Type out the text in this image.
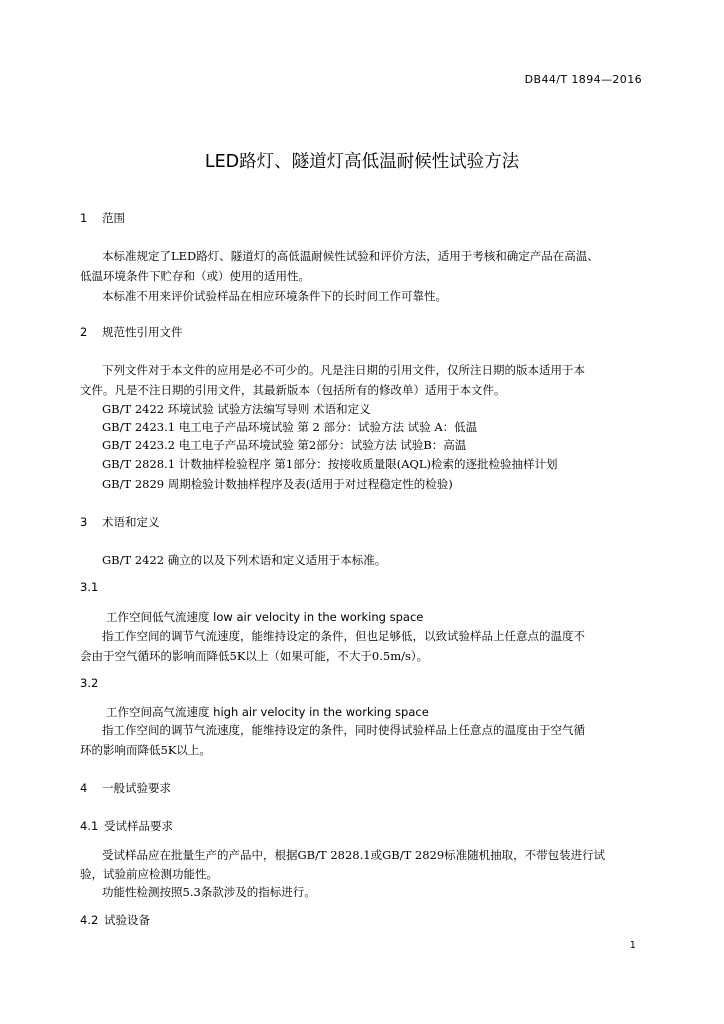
DB44/T 1894—2016
LED路灯、隧道灯高低温耐候性试验方法
1 范围
本标准规定了LED路灯、隧道灯的高低温耐候性试验和评价方法，适用于考核和确定产品在高温、
低温环境条件下贮存和（或）使用的适用性。
本标准不用来评价试验样品在相应环境条件下的长时间工作可靠性。
2 规范性引用文件
下列文件对于本文件的应用是必不可少的。凡是注日期的引用文件，仅所注日期的版本适用于本
文件。凡是不注日期的引用文件，其最新版本（包括所有的修改单）适用于本文件。
GB/T 2422 环境试验 试验方法编写导则 术语和定义
GB/T 2423.1 电工电子产品环境试验 第 2 部分：试验方法 试验 A：低温
GB/T 2423.2 电工电子产品环境试验 第2部分：试验方法 试验B：高温
GB/T 2828.1 计数抽样检验程序 第1部分：按接收质量限(AQL)检索的逐批检验抽样计划
GB/T 2829 周期检验计数抽样程序及表(适用于对过程稳定性的检验)
3 术语和定义
GB/T 2422 确立的以及下列术语和定义适用于本标准。
3.1
工作空间低气流速度 low air velocity in the working space
指工作空间的调节气流速度，能维持设定的条件，但也足够低，以致试验样品上任意点的温度不
会由于空气循环的影响而降低5K以上（如果可能，不大于0.5m/s）。
3.2
工作空间高气流速度 high air velocity in the working space
指工作空间的调节气流速度，能维持设定的条件，同时使得试验样品上任意点的温度由于空气循
环的影响而降低5K以上。
4 一般试验要求
4.1 受试样品要求
受试样品应在批量生产的产品中，根据GB/T 2828.1或GB/T 2829标准随机抽取，不带包装进行试
验，试验前应检测功能性。
功能性检测按照5.3条款涉及的指标进行。
4.2 试验设备
1
